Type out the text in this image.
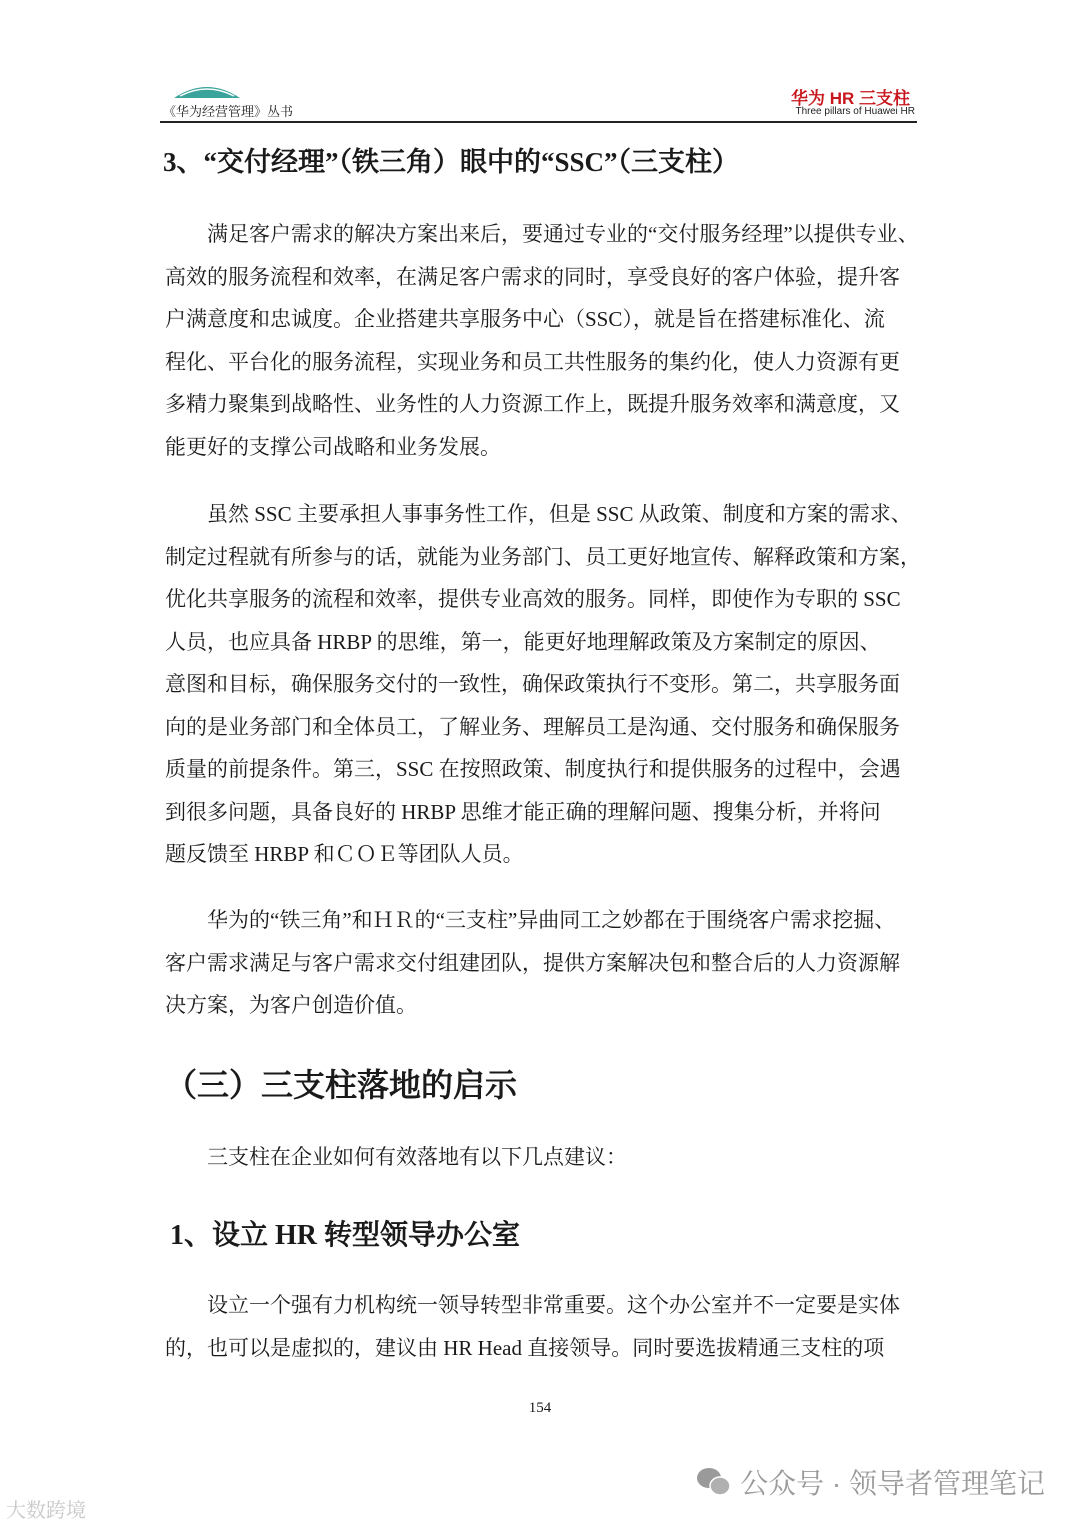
《华为经营管理》丛书
华为 HR 三支柱
Three pillars of Huawei HR
3、“交付经理”（铁三角）眼中的“SSC”（三支柱）
满足客户需求的解决方案出来后，要通过专业的“交付服务经理”以提供专业、
高效的服务流程和效率，在满足客户需求的同时，享受良好的客户体验，提升客
户满意度和忠诚度。企业搭建共享服务中心（SSC），就是旨在搭建标准化、流
程化、平台化的服务流程，实现业务和员工共性服务的集约化，使人力资源有更
多精力聚集到战略性、业务性的人力资源工作上，既提升服务效率和满意度，又
能更好的支撑公司战略和业务发展。
虽然 SSC 主要承担人事事务性工作，但是 SSC 从政策、制度和方案的需求、
制定过程就有所参与的话，就能为业务部门、员工更好地宣传、解释政策和方案，
优化共享服务的流程和效率，提供专业高效的服务。同样，即使作为专职的 SSC
人员，也应具备 HRBP 的思维，第一，能更好地理解政策及方案制定的原因、
意图和目标，确保服务交付的一致性，确保政策执行不变形。第二，共享服务面
向的是业务部门和全体员工，了解业务、理解员工是沟通、交付服务和确保服务
质量的前提条件。第三，SSC 在按照政策、制度执行和提供服务的过程中，会遇
到很多问题，具备良好的 HRBP 思维才能正确的理解问题、搜集分析，并将问
题反馈至 HRBP 和ＣＯＥ等团队人员。
华为的“铁三角”和ＨＲ的“三支柱”异曲同工之妙都在于围绕客户需求挖掘、
客户需求满足与客户需求交付组建团队，提供方案解决包和整合后的人力资源解
决方案，为客户创造价值。
（三）三支柱落地的启示
三支柱在企业如何有效落地有以下几点建议：
1、设立 HR 转型领导办公室
设立一个强有力机构统一领导转型非常重要。这个办公室并不一定要是实体
的，也可以是虚拟的，建议由 HR Head 直接领导。同时要选拔精通三支柱的项
154
公众号 · 领导者管理笔记
大数跨境
